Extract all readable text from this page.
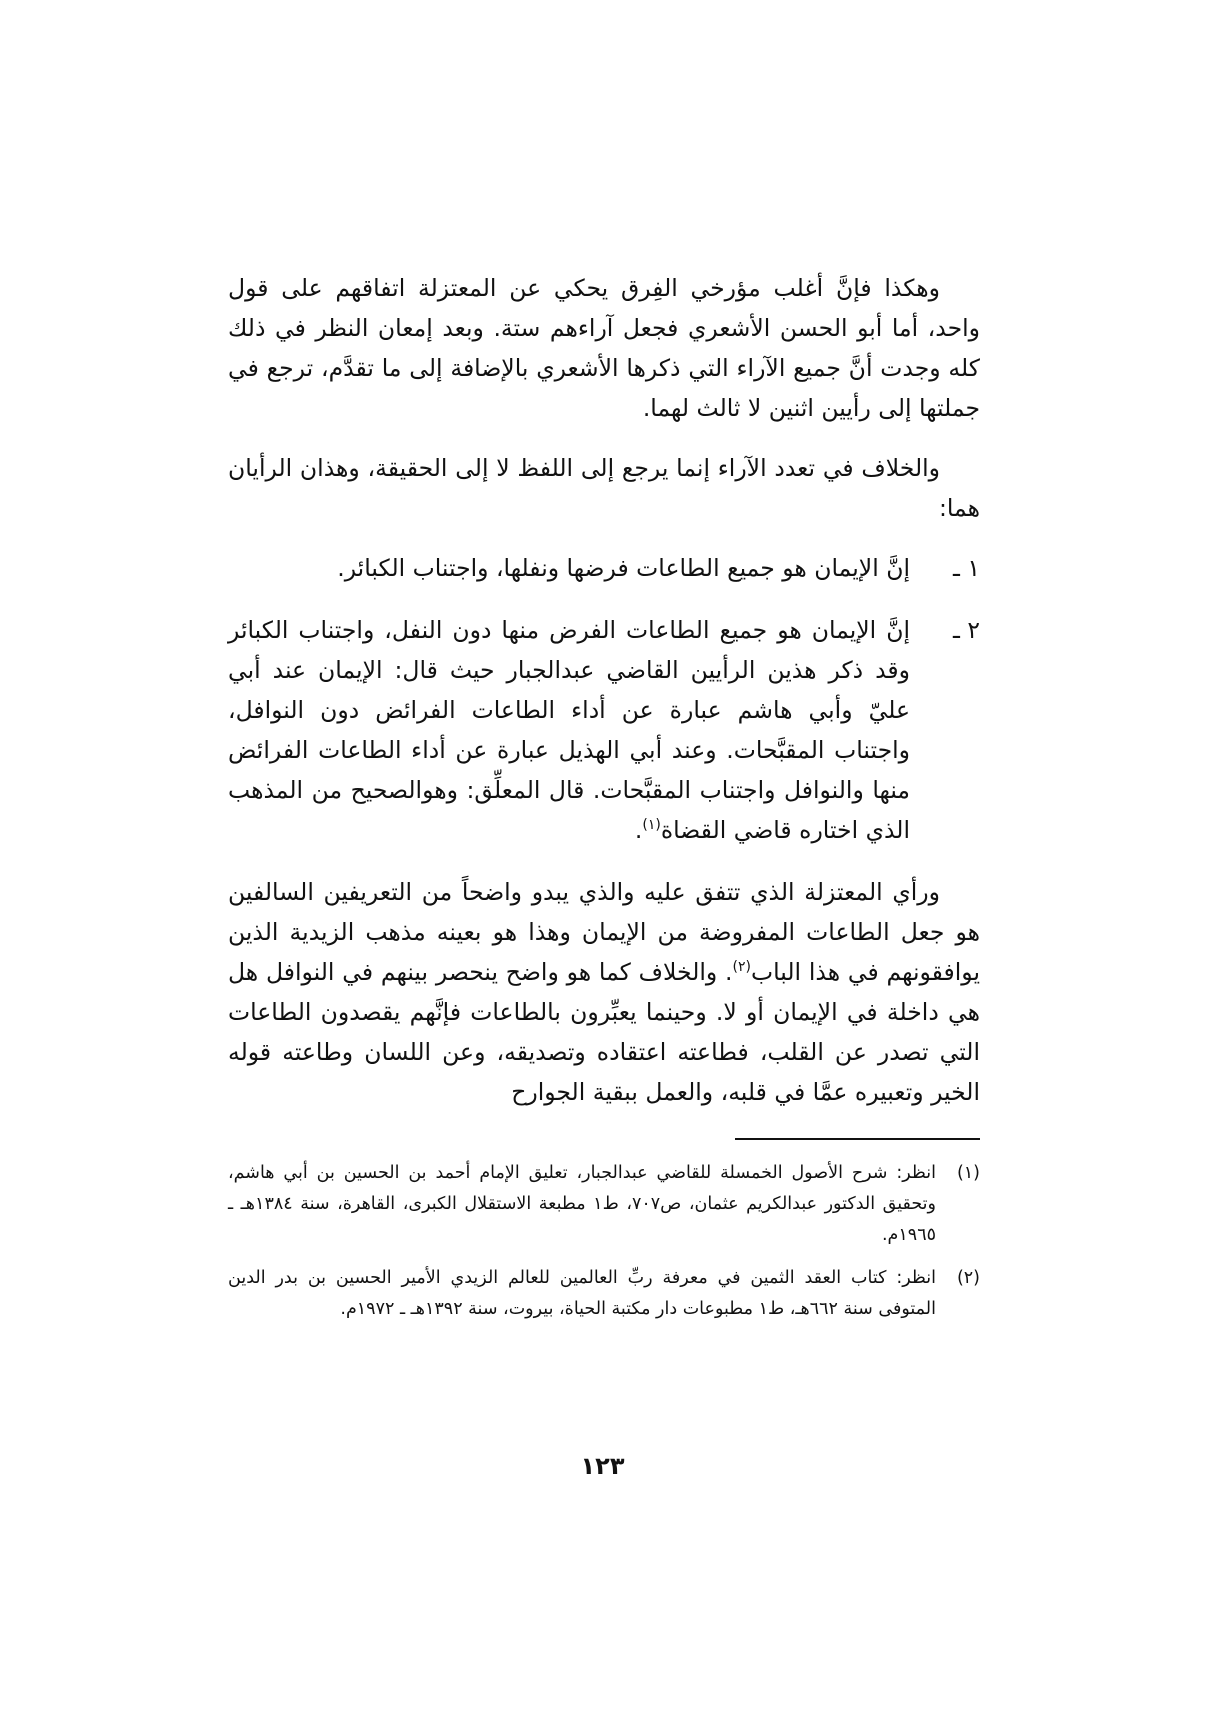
وهكذا فإنَّ أغلب مؤرخي الفِرق يحكي عن المعتزلة اتفاقهم على قول واحد، أما أبو الحسن الأشعري فجعل آراءهم ستة. وبعد إمعان النظر في ذلك كله وجدت أنَّ جميع الآراء التي ذكرها الأشعري بالإضافة إلى ما تقدَّم، ترجع في جملتها إلى رأيين اثنين لا ثالث لهما.

والخلاف في تعدد الآراء إنما يرجع إلى اللفظ لا إلى الحقيقة، وهذان الرأيان هما:

١ ـ
إنَّ الإيمان هو جميع الطاعات فرضها ونفلها، واجتناب الكبائر.
٢ ـ
إنَّ الإيمان هو جميع الطاعات الفرض منها دون النفل، واجتناب الكبائر وقد ذكر هذين الرأيين القاضي عبدالجبار حيث قال: الإيمان عند أبي عليّ وأبي هاشم عبارة عن أداء الطاعات الفرائض دون النوافل، واجتناب المقبَّحات. وعند أبي الهذيل عبارة عن أداء الطاعات الفرائض منها والنوافل واجتناب المقبَّحات. قال المعلِّق: وهوالصحيح من المذهب الذي اختاره قاضي القضاة$^{(١)}$.

ورأي المعتزلة الذي تتفق عليه والذي يبدو واضحاً من التعريفين السالفين هو جعل الطاعات المفروضة من الإيمان وهذا هو بعينه مذهب الزيدية الذين يوافقونهم في هذا الباب$^{(٢)}$. والخلاف كما هو واضح ينحصر بينهم في النوافل هل هي داخلة في الإيمان أو لا. وحينما يعبِّرون بالطاعات فإنَّهم يقصدون الطاعات التي تصدر عن القلب، فطاعته اعتقاده وتصديقه، وعن اللسان وطاعته قوله الخير وتعبيره عمَّا في قلبه، والعمل ببقية الجوارح

(١)
انظر: شرح الأصول الخمسلة للقاضي عبدالجبار، تعليق الإمام أحمد بن الحسين بن أبي هاشم، وتحقيق الدكتور عبدالكريم عثمان، ص٧٠٧، ط١ مطبعة الاستقلال الكبرى، القاهرة، سنة ١٣٨٤هـ ـ ١٩٦٥م.
(٢)
انظر: كتاب العقد الثمين في معرفة ربِّ العالمين للعالم الزيدي الأمير الحسين بن بدر الدين المتوفى سنة ٦٦٢هـ، ط١ مطبوعات دار مكتبة الحياة، بيروت، سنة ١٣٩٢هـ ـ ١٩٧٢م.
١٢٣
